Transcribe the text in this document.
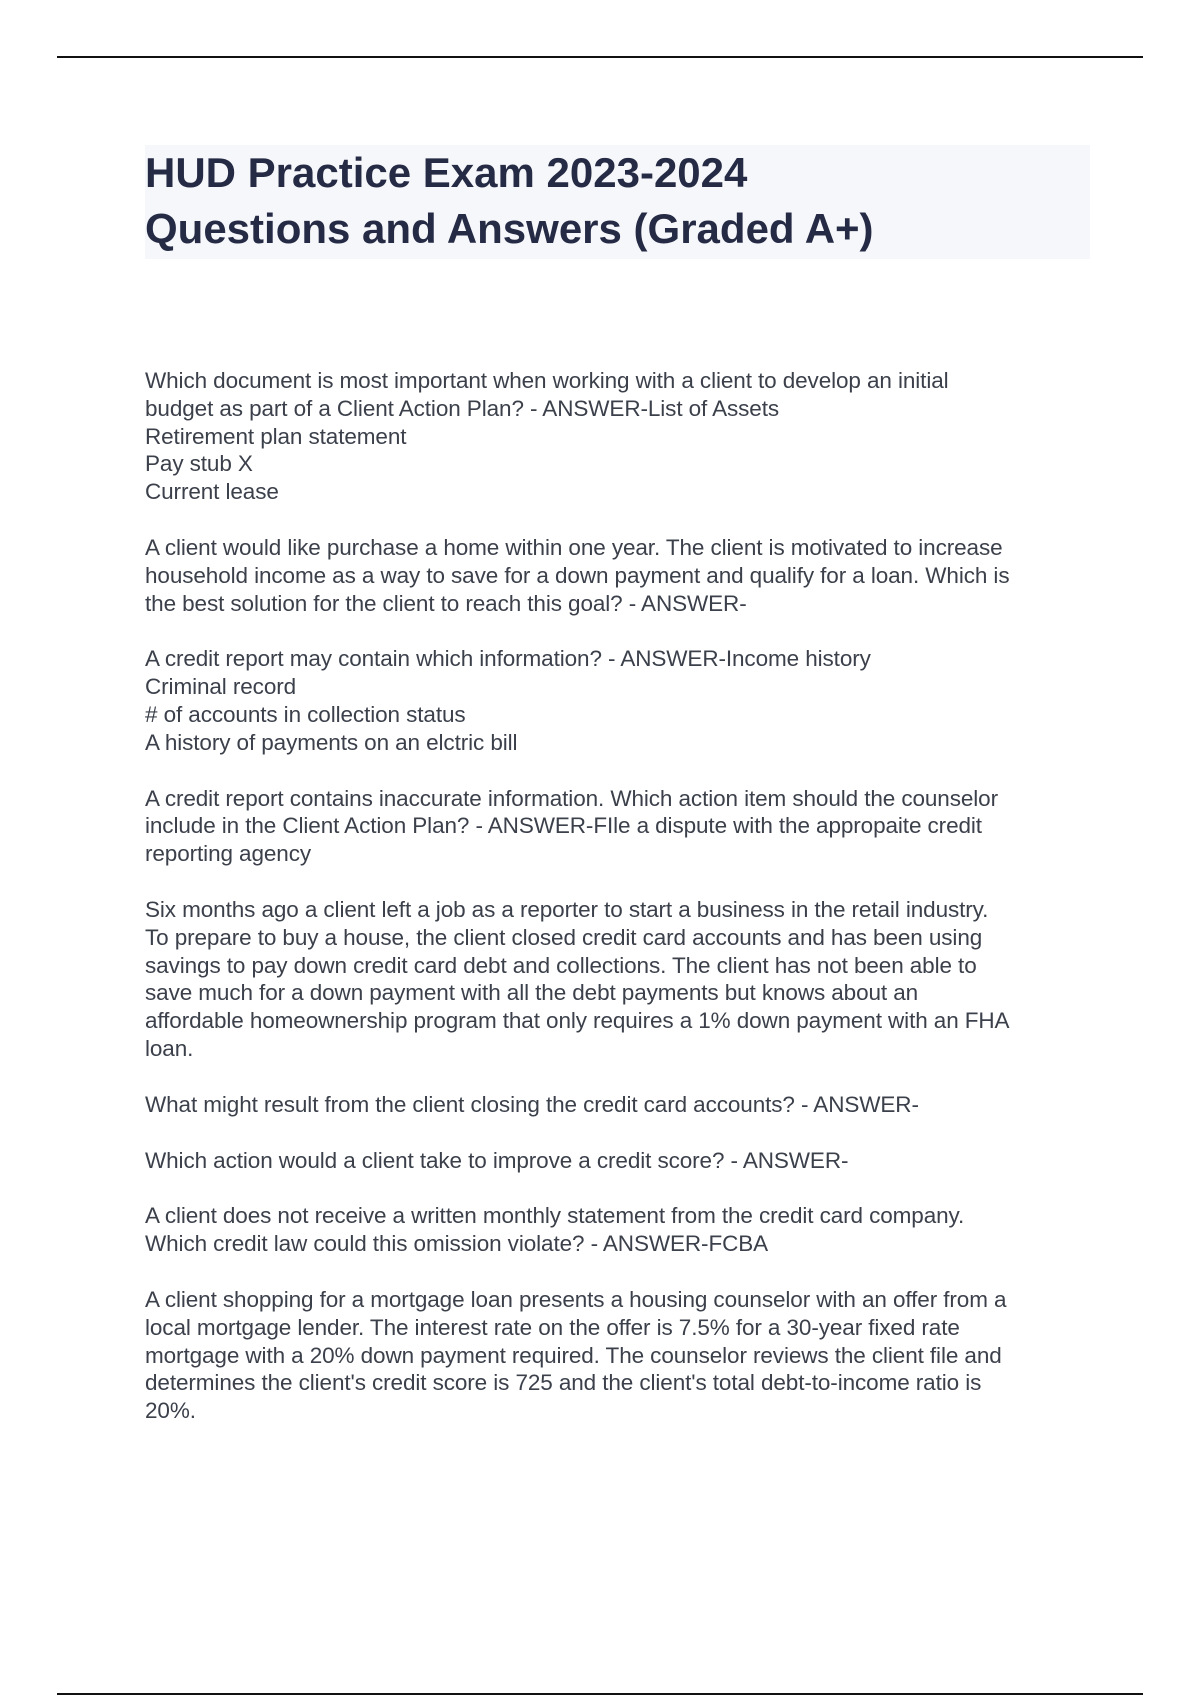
HUD Practice Exam 2023-2024
Questions and Answers (Graded A+)
Which document is most important when working with a client to develop an initial
budget as part of a Client Action Plan? - ANSWER-List of Assets
Retirement plan statement
Pay stub X
Current lease
A client would like purchase a home within one year. The client is motivated to increase
household income as a way to save for a down payment and qualify for a loan. Which is
the best solution for the client to reach this goal? - ANSWER-
A credit report may contain which information? - ANSWER-Income history
Criminal record
# of accounts in collection status
A history of payments on an elctric bill
A credit report contains inaccurate information. Which action item should the counselor
include in the Client Action Plan? - ANSWER-FIle a dispute with the appropaite credit
reporting agency
Six months ago a client left a job as a reporter to start a business in the retail industry.
To prepare to buy a house, the client closed credit card accounts and has been using
savings to pay down credit card debt and collections. The client has not been able to
save much for a down payment with all the debt payments but knows about an
affordable homeownership program that only requires a 1% down payment with an FHA
loan.
What might result from the client closing the credit card accounts? - ANSWER-
Which action would a client take to improve a credit score? - ANSWER-
A client does not receive a written monthly statement from the credit card company.
Which credit law could this omission violate? - ANSWER-FCBA
A client shopping for a mortgage loan presents a housing counselor with an offer from a
local mortgage lender. The interest rate on the offer is 7.5% for a 30-year fixed rate
mortgage with a 20% down payment required. The counselor reviews the client file and
determines the client's credit score is 725 and the client's total debt-to-income ratio is
20%.
